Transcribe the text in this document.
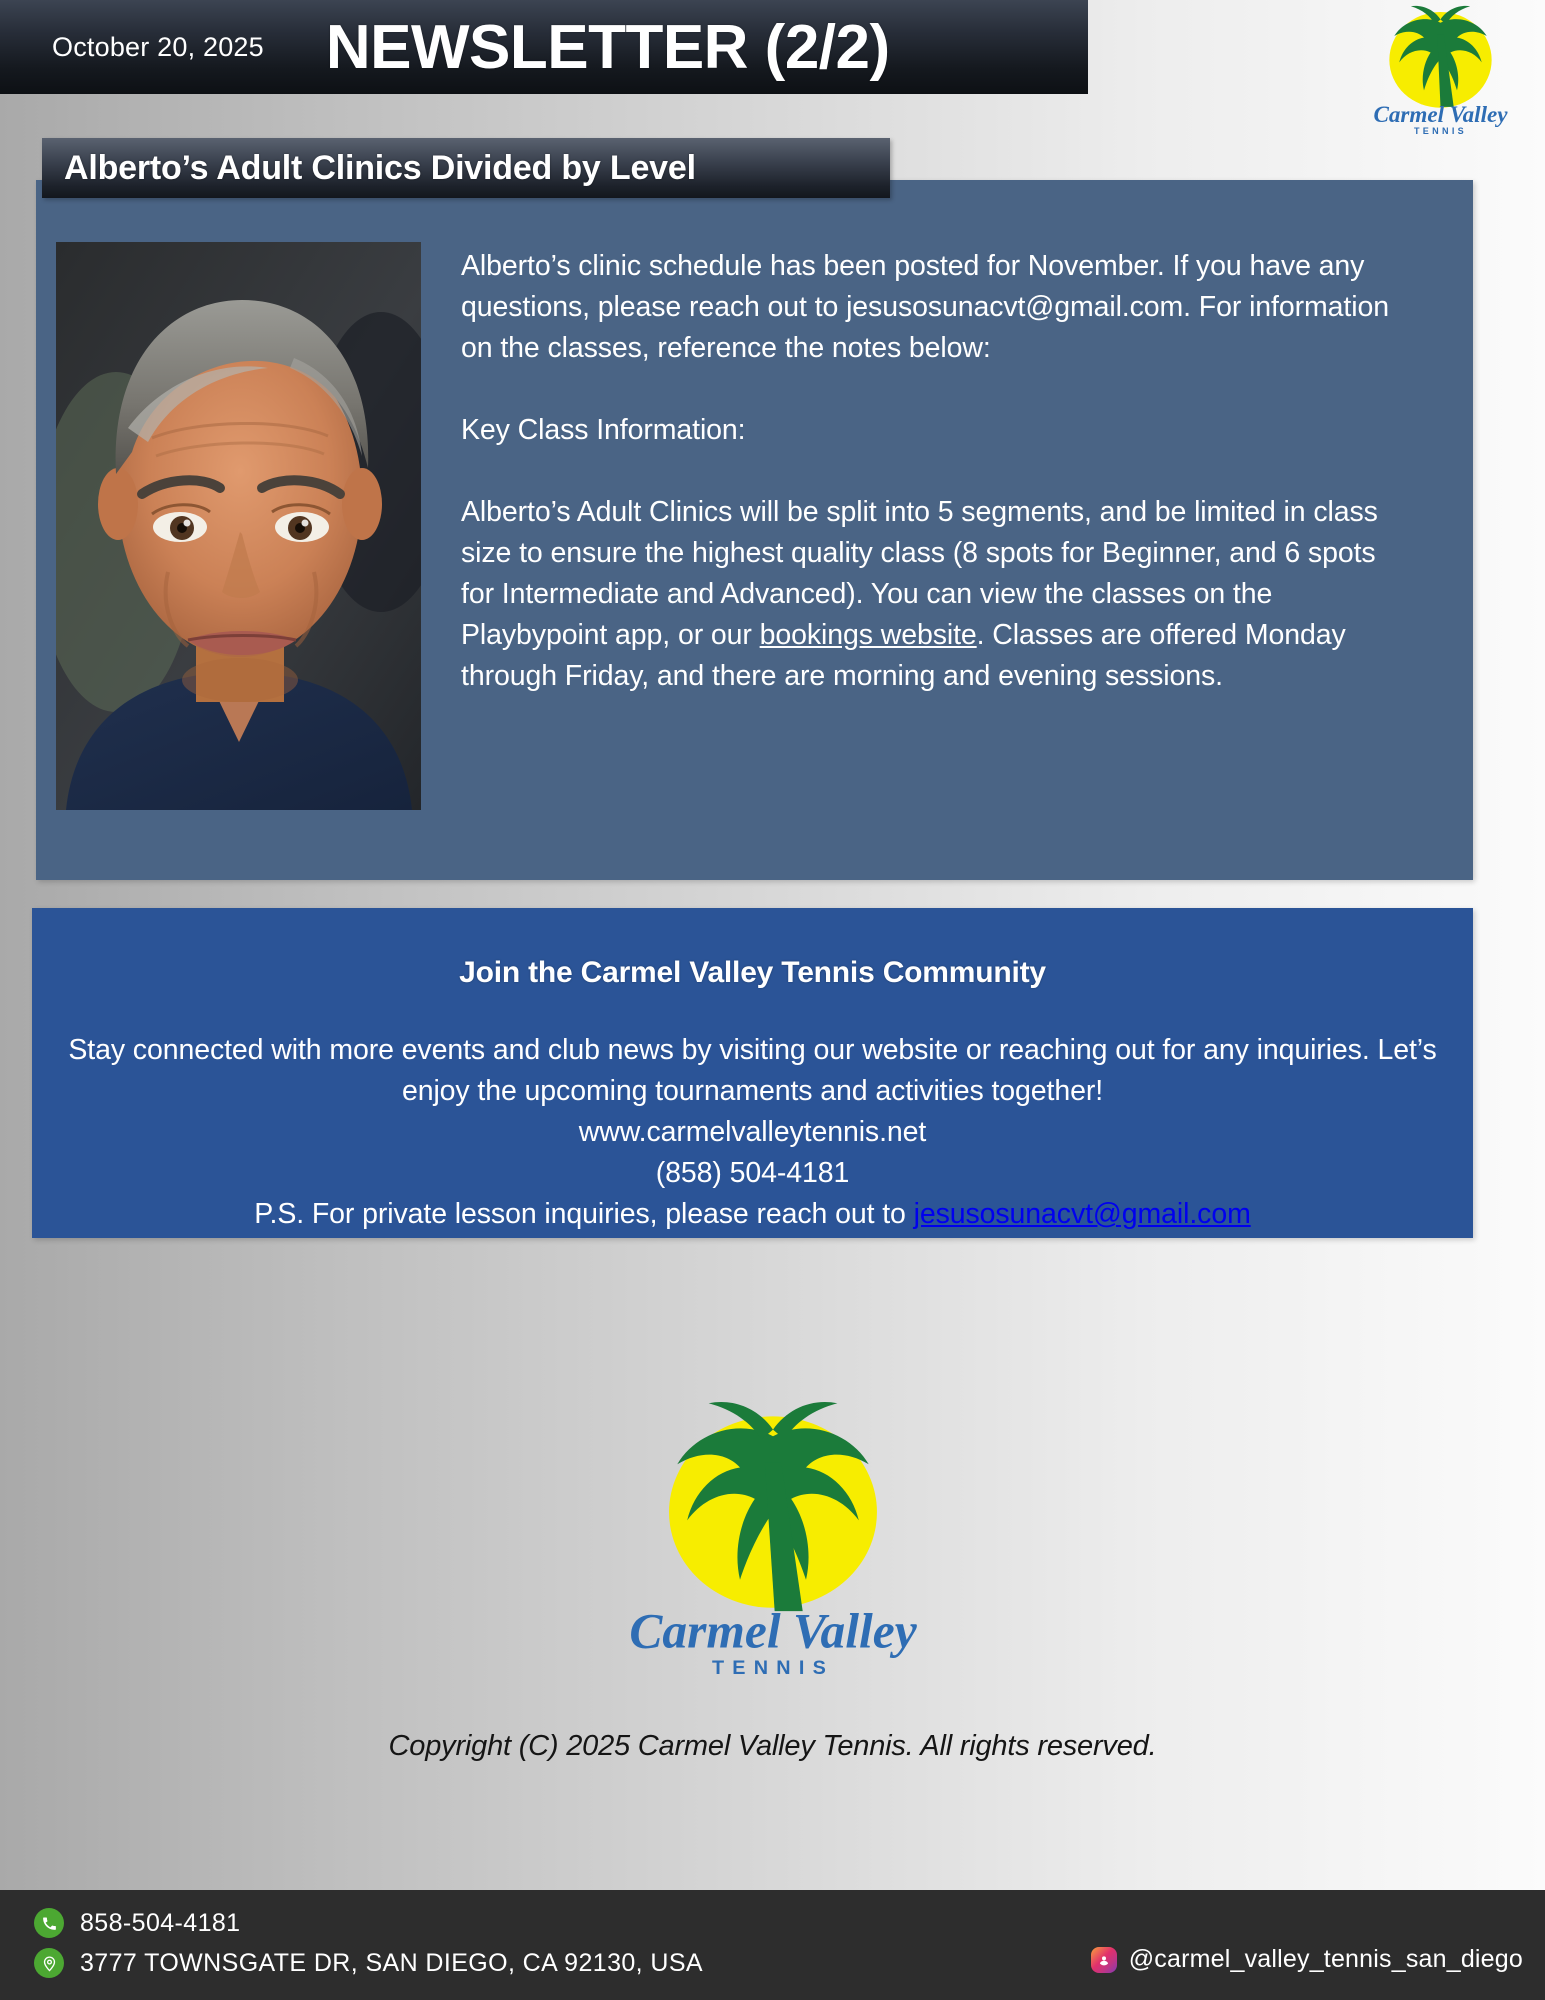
October 20, 2025 NEWSLETTER (2/2)
Carmel Valley
TENNIS
Alberto’s Adult Clinics Divided by Level

Alberto’s clinic schedule has been posted for November. If you have any questions, please reach out to jesusosunacvt@gmail.com. For information on the classes, reference the notes below:

Key Class Information:

Alberto’s Adult Clinics will be split into 5 segments, and be limited in class size to ensure the highest quality class (8 spots for Beginner, and 6 spots for Intermediate and Advanced). You can view the classes on the Playbypoint app, or our bookings website. Classes are offered Monday through Friday, and there are morning and evening sessions.

Join the Carmel Valley Tennis Community
Stay connected with more events and club news by visiting our website or reaching out for any inquiries. Let’s enjoy the upcoming tournaments and activities together!
www.carmelvalleytennis.net
(858) 504-4181
P.S. For private lesson inquiries, please reach out to jesusosunacvt@gmail.com
Carmel Valley
TENNIS
Copyright (C) 2025 Carmel Valley Tennis. All rights reserved.
858-504-4181
3777 TOWNSGATE DR, SAN DIEGO, CA 92130, USA	@carmel_valley_tennis_san_diego
